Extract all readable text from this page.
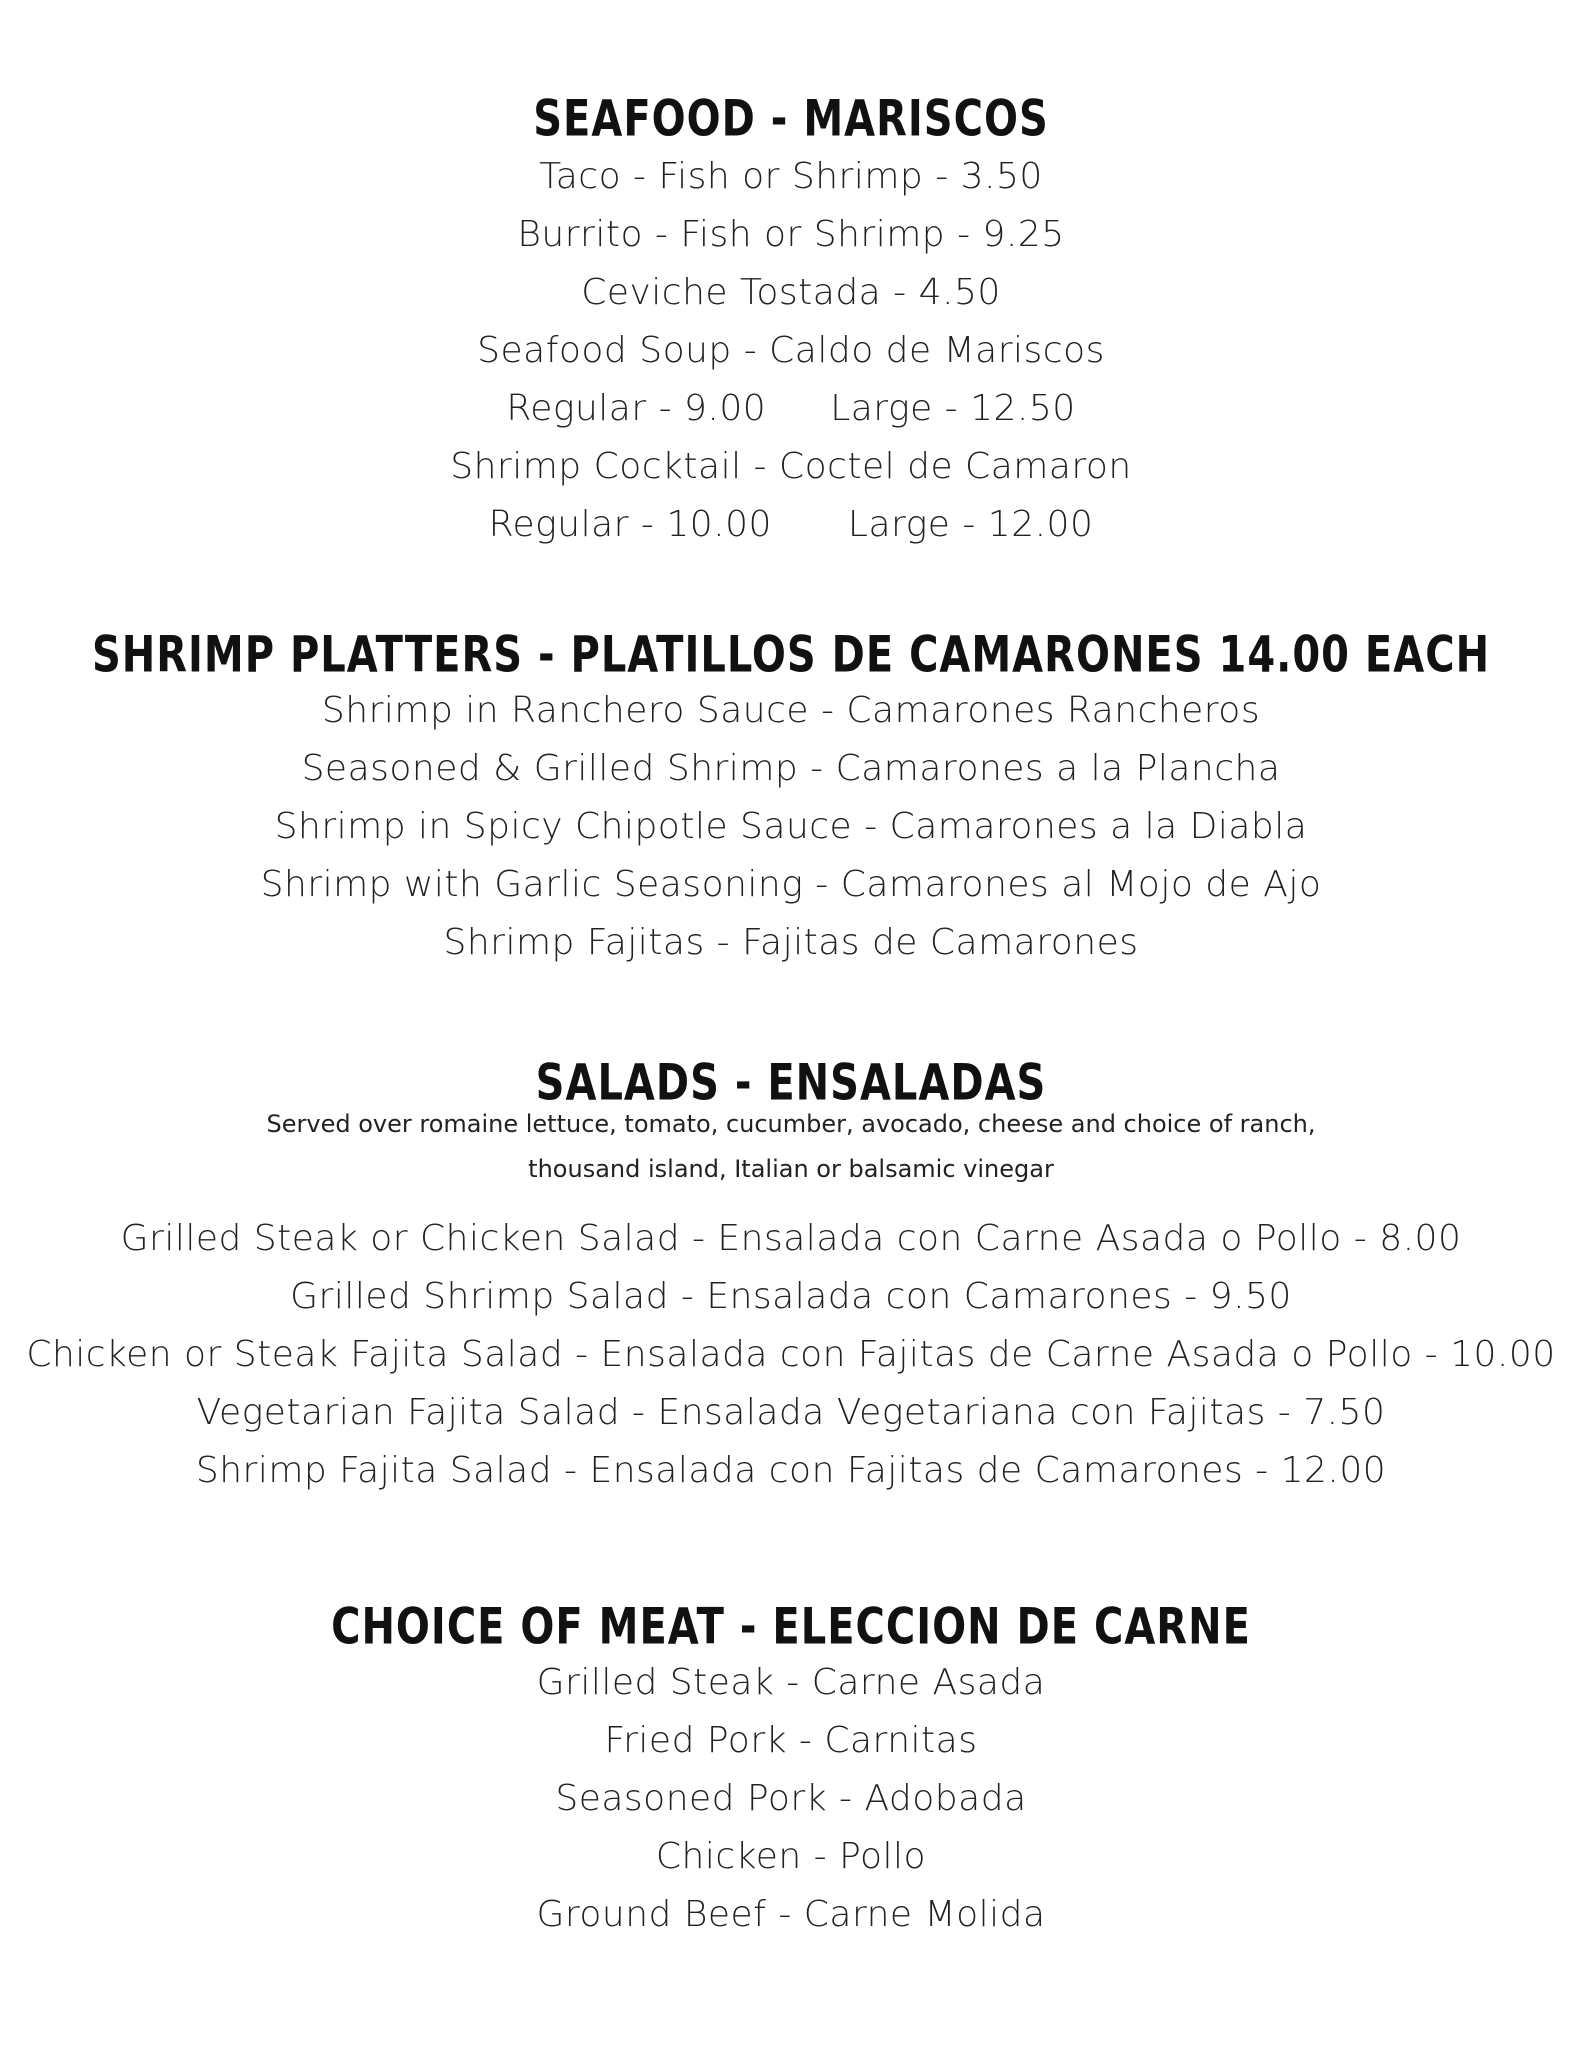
SEAFOOD - MARISCOS
Taco - Fish or Shrimp - 3.50
Burrito - Fish or Shrimp - 9.25
Ceviche Tostada - 4.50
Seafood Soup - Caldo de Mariscos
Regular - 9.00 Large - 12.50
Shrimp Cocktail - Coctel de Camaron
Regular - 10.00 Large - 12.00
SHRIMP PLATTERS - PLATILLOS DE CAMARONES 14.00 EACH
Shrimp in Ranchero Sauce - Camarones Rancheros
Seasoned & Grilled Shrimp - Camarones a la Plancha
Shrimp in Spicy Chipotle Sauce - Camarones a la Diabla
Shrimp with Garlic Seasoning - Camarones al Mojo de Ajo
Shrimp Fajitas - Fajitas de Camarones
SALADS - ENSALADAS
Served over romaine lettuce, tomato, cucumber, avocado, cheese and choice of ranch,
thousand island, Italian or balsamic vinegar
Grilled Steak or Chicken Salad - Ensalada con Carne Asada o Pollo - 8.00
Grilled Shrimp Salad - Ensalada con Camarones - 9.50
Chicken or Steak Fajita Salad - Ensalada con Fajitas de Carne Asada o Pollo - 10.00
Vegetarian Fajita Salad - Ensalada Vegetariana con Fajitas - 7.50
Shrimp Fajita Salad - Ensalada con Fajitas de Camarones - 12.00
CHOICE OF MEAT - ELECCION DE CARNE
Grilled Steak - Carne Asada
Fried Pork - Carnitas
Seasoned Pork - Adobada
Chicken - Pollo
Ground Beef - Carne Molida
